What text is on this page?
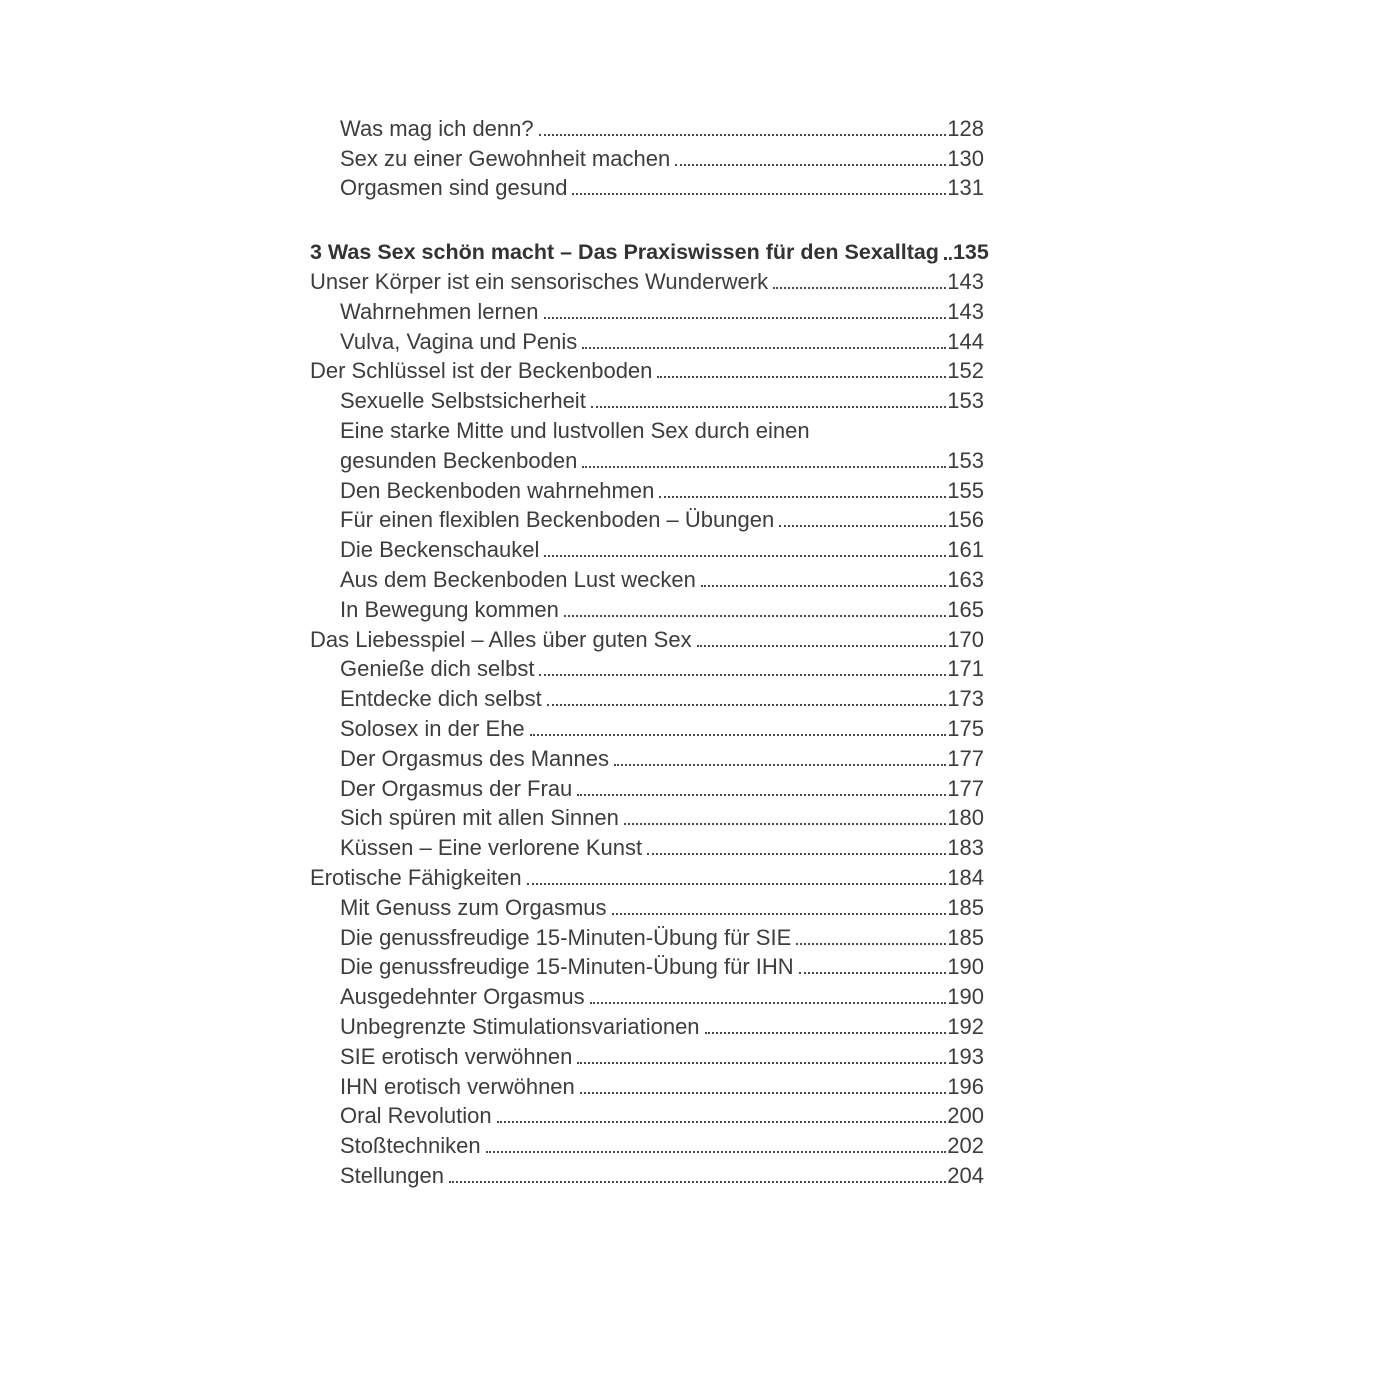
Was mag ich denn?	128
Sex zu einer Gewohnheit machen	130
Orgasmen sind gesund	131
3 Was Sex schön macht – Das Praxiswissen für den Sexalltag 135
Unser Körper ist ein sensorisches Wunderwerk	143
Wahrnehmen lernen	143
Vulva, Vagina und Penis	144
Der Schlüssel ist der Beckenboden	152
Sexuelle Selbstsicherheit	153
Eine starke Mitte und lustvollen Sex durch einen
gesunden Beckenboden	153
Den Beckenboden wahrnehmen	155
Für einen flexiblen Beckenboden – Übungen	156
Die Beckenschaukel	161
Aus dem Beckenboden Lust wecken	163
In Bewegung kommen	165
Das Liebesspiel – Alles über guten Sex	170
Genieße dich selbst	171
Entdecke dich selbst	173
Solosex in der Ehe	175
Der Orgasmus des Mannes	177
Der Orgasmus der Frau	177
Sich spüren mit allen Sinnen	180
Küssen – Eine verlorene Kunst	183
Erotische Fähigkeiten	184
Mit Genuss zum Orgasmus	185
Die genussfreudige 15-Minuten-Übung für SIE	185
Die genussfreudige 15-Minuten-Übung für IHN	190
Ausgedehnter Orgasmus	190
Unbegrenzte Stimulationsvariationen	192
SIE erotisch verwöhnen	193
IHN erotisch verwöhnen	196
Oral Revolution	200
Stoßtechniken	202
Stellungen	204
